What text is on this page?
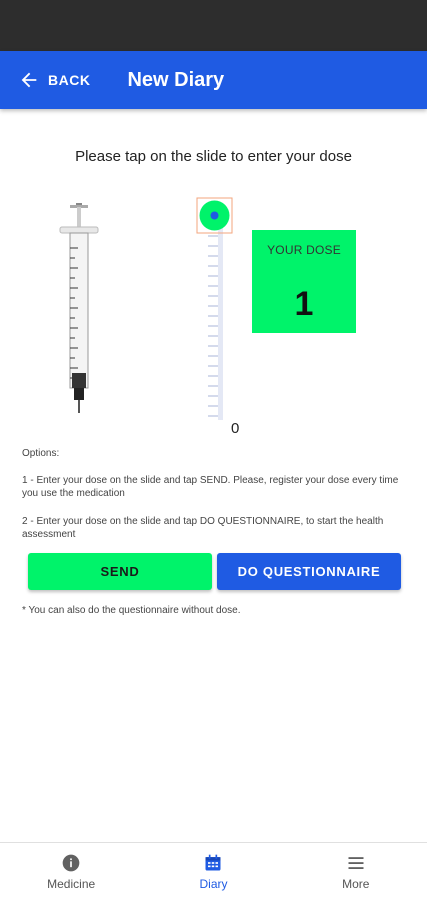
BACK New Diary
Please tap on the slide to enter your dose
YOUR DOSE
1
0
Options:
1 - Enter your dose on the slide and tap SEND. Please, register your dose every time you use the medication
2 - Enter your dose on the slide and tap DO QUESTIONNAIRE, to start the health assessment
SEND	DO QUESTIONNAIRE
* You can also do the questionnaire without dose.
Medicine	Diary	More
